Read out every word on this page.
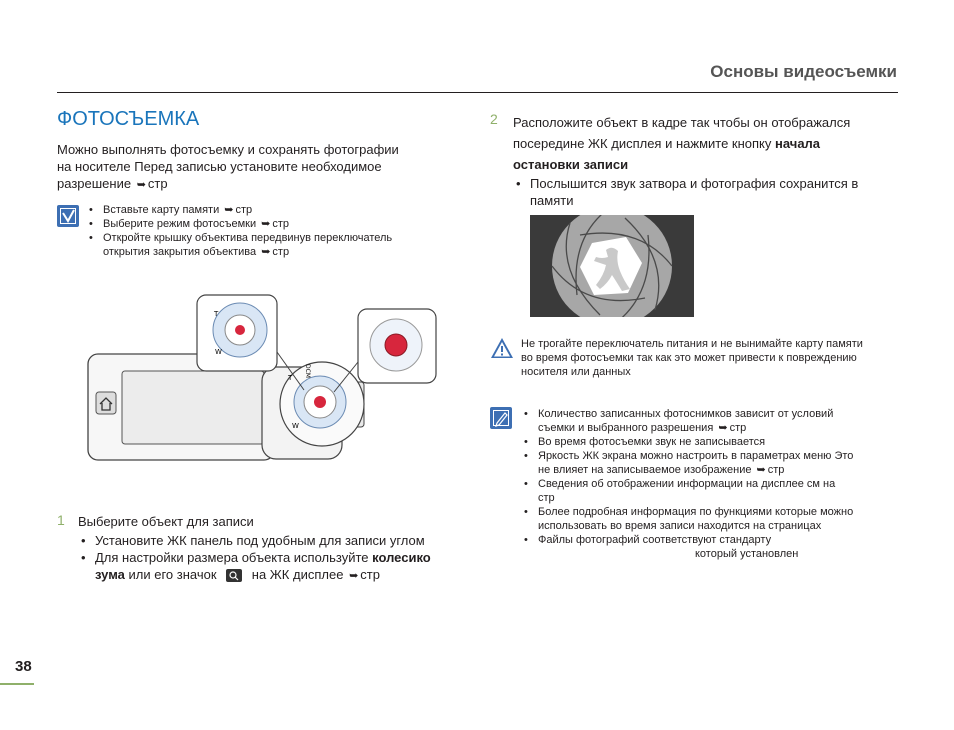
Основы видеосъемки
ФОТОСЪЕМКА
Можно выполнять фотосъемку и сохранять фотографии
на носителе Перед записью установите необходимое
разрешение ➥ стр
• Вставьте карту памяти ➥ стр
• Выберите режим фотосъемки ➥ стр
• Откройте крышку объектива передвинув переключатель
открытия закрытия объектива ➥ стр
T
W
DCM
T
W
1 Выберите объект для записи
• Установите ЖК панель под удобным для записи углом
• Для настройки размера объекта используйте колесико
зума или его значок	на ЖК дисплее ➥ стр
2 Расположите объект в кадре так чтобы он отображался
посередине ЖК дисплея и нажмите кнопку начала
остановки записи
• Послышится звук затвора и фотография сохранится в
памяти
Не трогайте переключатель питания и не вынимайте карту памяти
во время фотосъемки так как это может привести к повреждению
носителя или данных
• Количество записанных фотоснимков зависит от условий
съемки и выбранного разрешения ➥ стр
• Во время фотосъемки звук не записывается
• Яркость ЖК экрана можно настроить в параметрах меню Это
не влияет на записываемое изображение ➥ стр
• Сведения об отображении информации на дисплее см на
стр
• Более подробная информация по функциями которые можно
использовать во время записи находится на страницах
• Файлы фотографий соответствуют стандарту
который установлен
38
